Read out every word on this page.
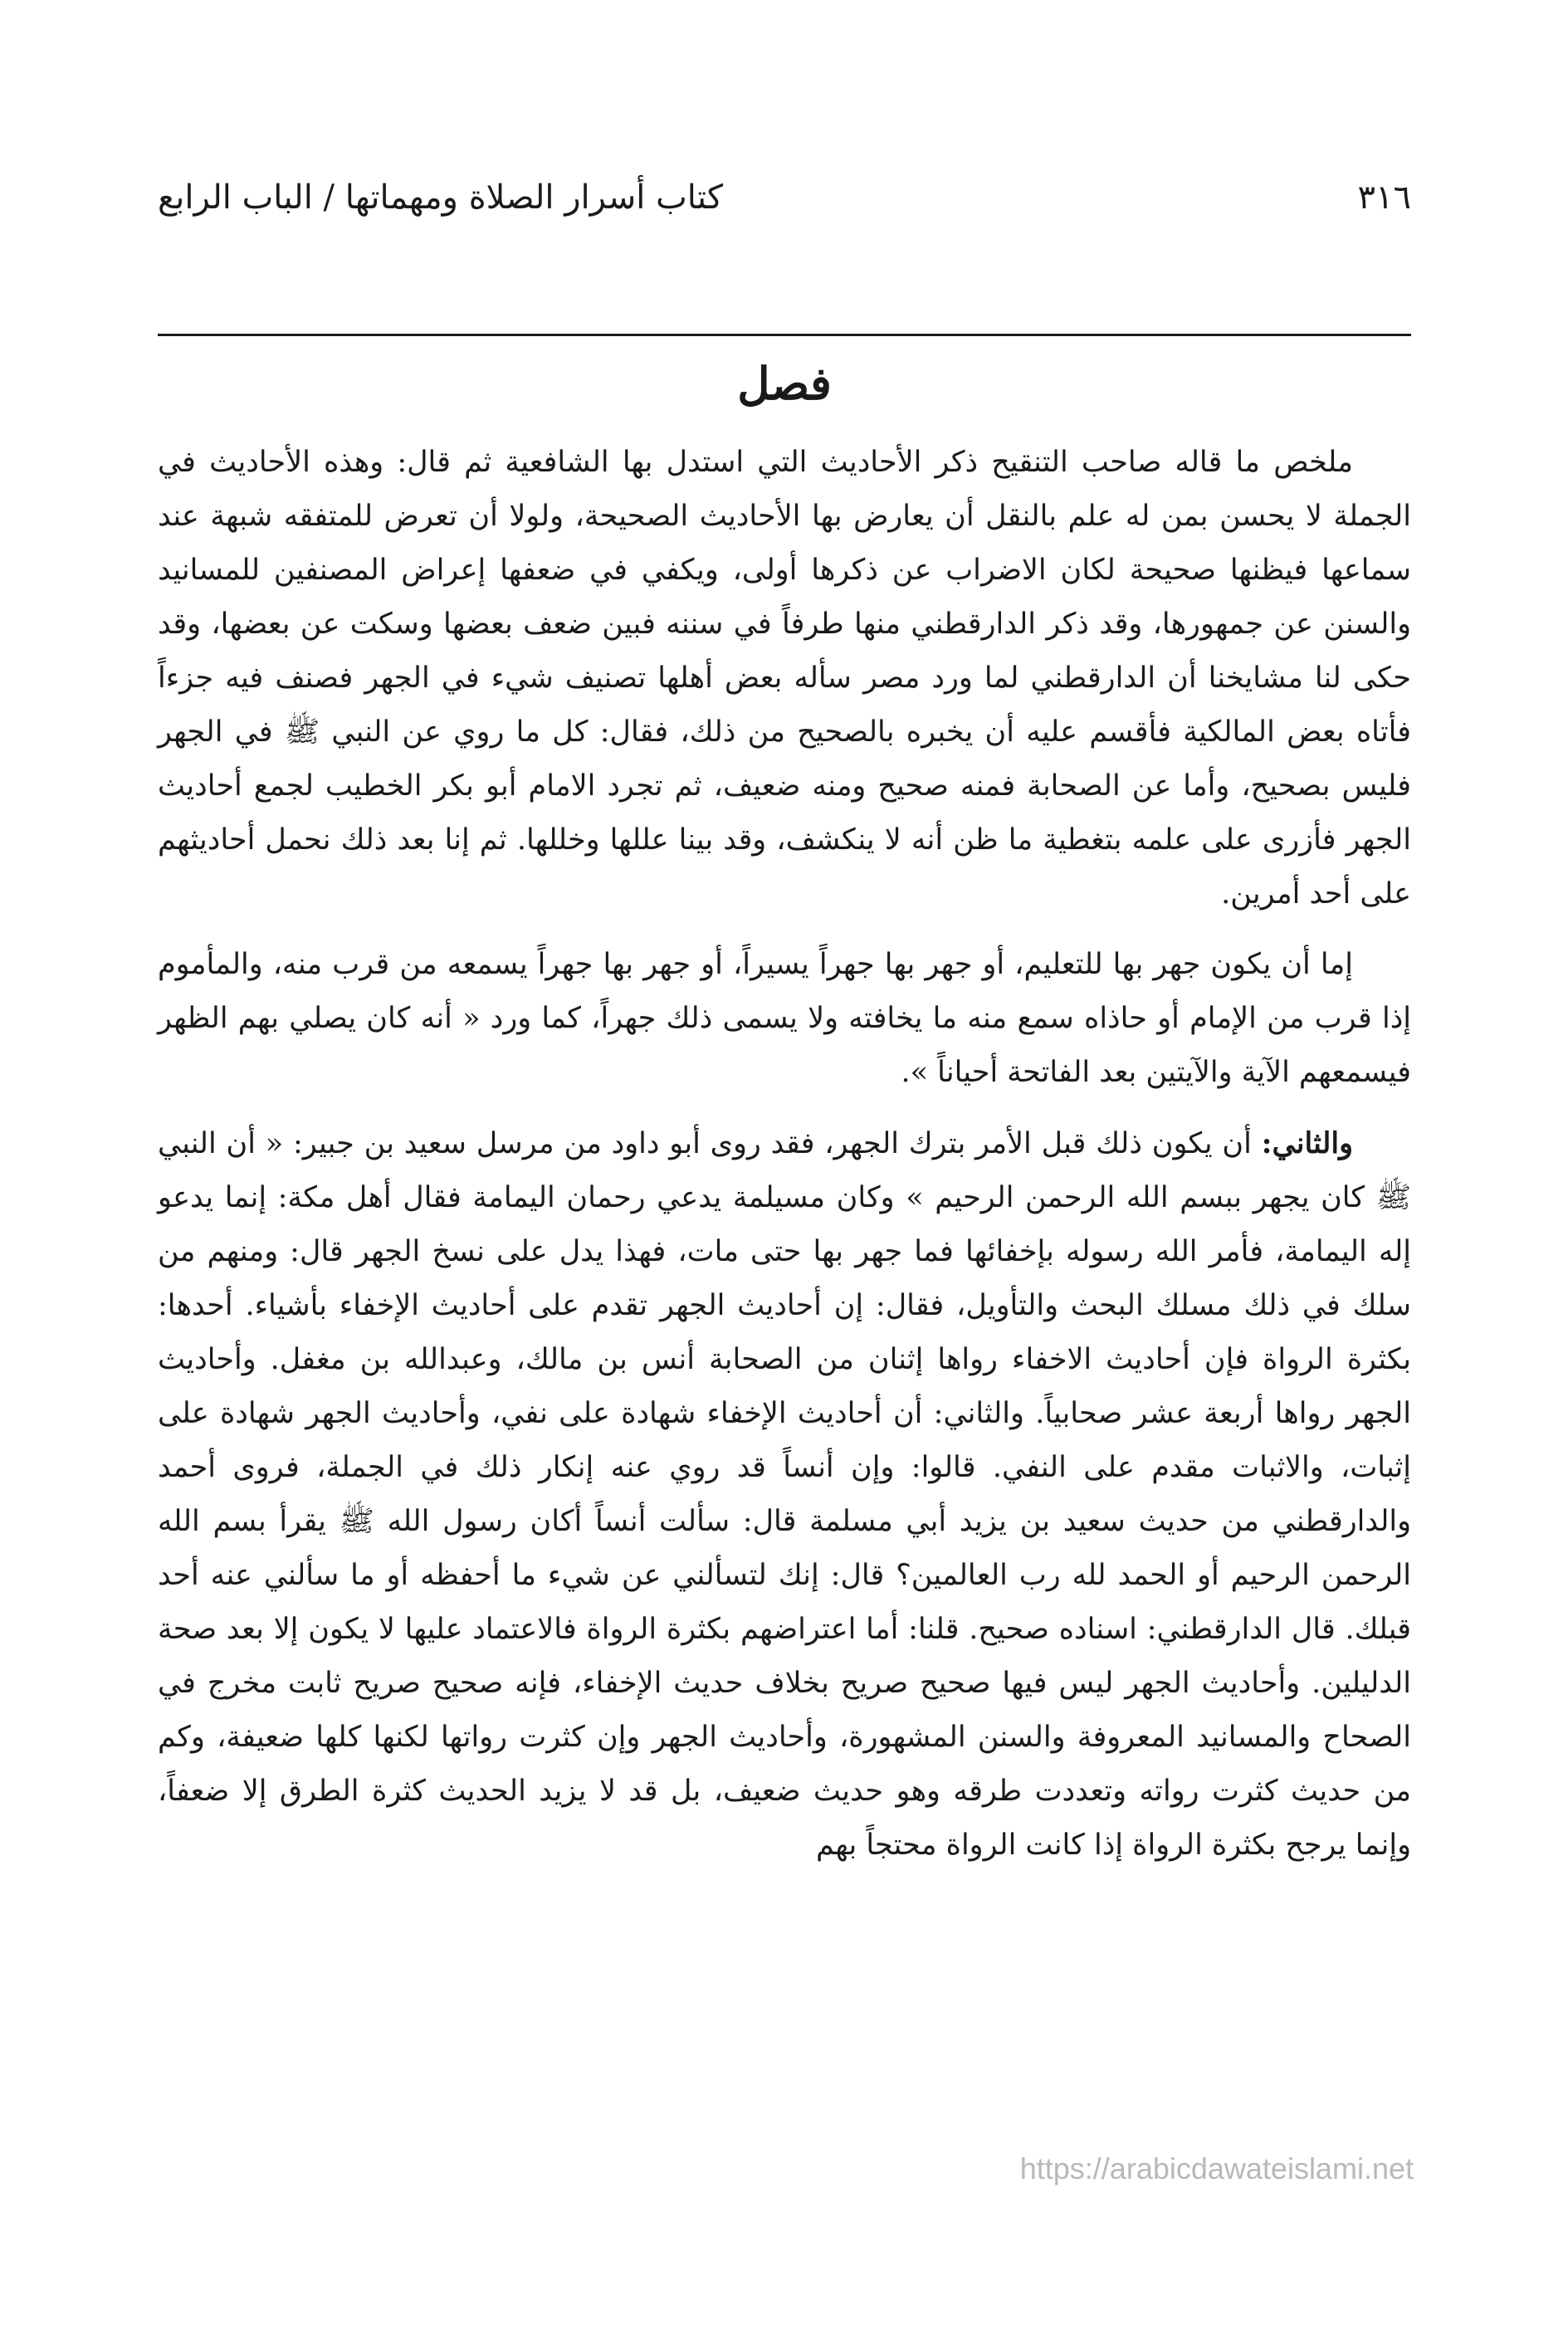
٣١٦
كتاب أسرار الصلاة ومهماتها / الباب الرابع
فصل

ملخص ما قاله صاحب التنقيح ذكر الأحاديث التي استدل بها الشافعية ثم قال: وهذه الأحاديث في الجملة لا يحسن بمن له علم بالنقل أن يعارض بها الأحاديث الصحيحة، ولولا أن تعرض للمتفقه شبهة عند سماعها فيظنها صحيحة لكان الاضراب عن ذكرها أولى، ويكفي في ضعفها إعراض المصنفين للمسانيد والسنن عن جمهورها، وقد ذكر الدارقطني منها طرفاً في سننه فبين ضعف بعضها وسكت عن بعضها، وقد حكى لنا مشايخنا أن الدارقطني لما ورد مصر سأله بعض أهلها تصنيف شيء في الجهر فصنف فيه جزءاً فأتاه بعض المالكية فأقسم عليه أن يخبره بالصحيح من ذلك، فقال: كل ما روي عن النبي ﷺ في الجهر فليس بصحيح، وأما عن الصحابة فمنه صحيح ومنه ضعيف، ثم تجرد الامام أبو بكر الخطيب لجمع أحاديث الجهر فأزرى على علمه بتغطية ما ظن أنه لا ينكشف، وقد بينا عللها وخللها. ثم إنا بعد ذلك نحمل أحاديثهم على أحد أمرين.

إما أن يكون جهر بها للتعليم، أو جهر بها جهراً يسيراً، أو جهر بها جهراً يسمعه من قرب منه، والمأموم إذا قرب من الإمام أو حاذاه سمع منه ما يخافته ولا يسمى ذلك جهراً، كما ورد « أنه كان يصلي بهم الظهر فيسمعهم الآية والآيتين بعد الفاتحة أحياناً ».

والثاني: أن يكون ذلك قبل الأمر بترك الجهر، فقد روى أبو داود من مرسل سعيد بن جبير: « أن النبي ﷺ كان يجهر ببسم الله الرحمن الرحيم » وكان مسيلمة يدعي رحمان اليمامة فقال أهل مكة: إنما يدعو إله اليمامة، فأمر الله رسوله بإخفائها فما جهر بها حتى مات، فهذا يدل على نسخ الجهر قال: ومنهم من سلك في ذلك مسلك البحث والتأويل، فقال: إن أحاديث الجهر تقدم على أحاديث الإخفاء بأشياء. أحدها: بكثرة الرواة فإن أحاديث الاخفاء رواها إثنان من الصحابة أنس بن مالك، وعبدالله بن مغفل. وأحاديث الجهر رواها أربعة عشر صحابياً. والثاني: أن أحاديث الإخفاء شهادة على نفي، وأحاديث الجهر شهادة على إثبات، والاثبات مقدم على النفي. قالوا: وإن أنساً قد روي عنه إنكار ذلك في الجملة، فروى أحمد والدارقطني من حديث سعيد بن يزيد أبي مسلمة قال: سألت أنساً أكان رسول الله ﷺ يقرأ بسم الله الرحمن الرحيم أو الحمد لله رب العالمين؟ قال: إنك لتسألني عن شيء ما أحفظه أو ما سألني عنه أحد قبلك. قال الدارقطني: اسناده صحيح. قلنا: أما اعتراضهم بكثرة الرواة فالاعتماد عليها لا يكون إلا بعد صحة الدليلين. وأحاديث الجهر ليس فيها صحيح صريح بخلاف حديث الإخفاء، فإنه صحيح صريح ثابت مخرج في الصحاح والمسانيد المعروفة والسنن المشهورة، وأحاديث الجهر وإن كثرت رواتها لكنها كلها ضعيفة، وكم من حديث كثرت رواته وتعددت طرقه وهو حديث ضعيف، بل قد لا يزيد الحديث كثرة الطرق إلا ضعفاً، وإنما يرجح بكثرة الرواة إذا كانت الرواة محتجاً بهم

https://arabicdawateislami.net
